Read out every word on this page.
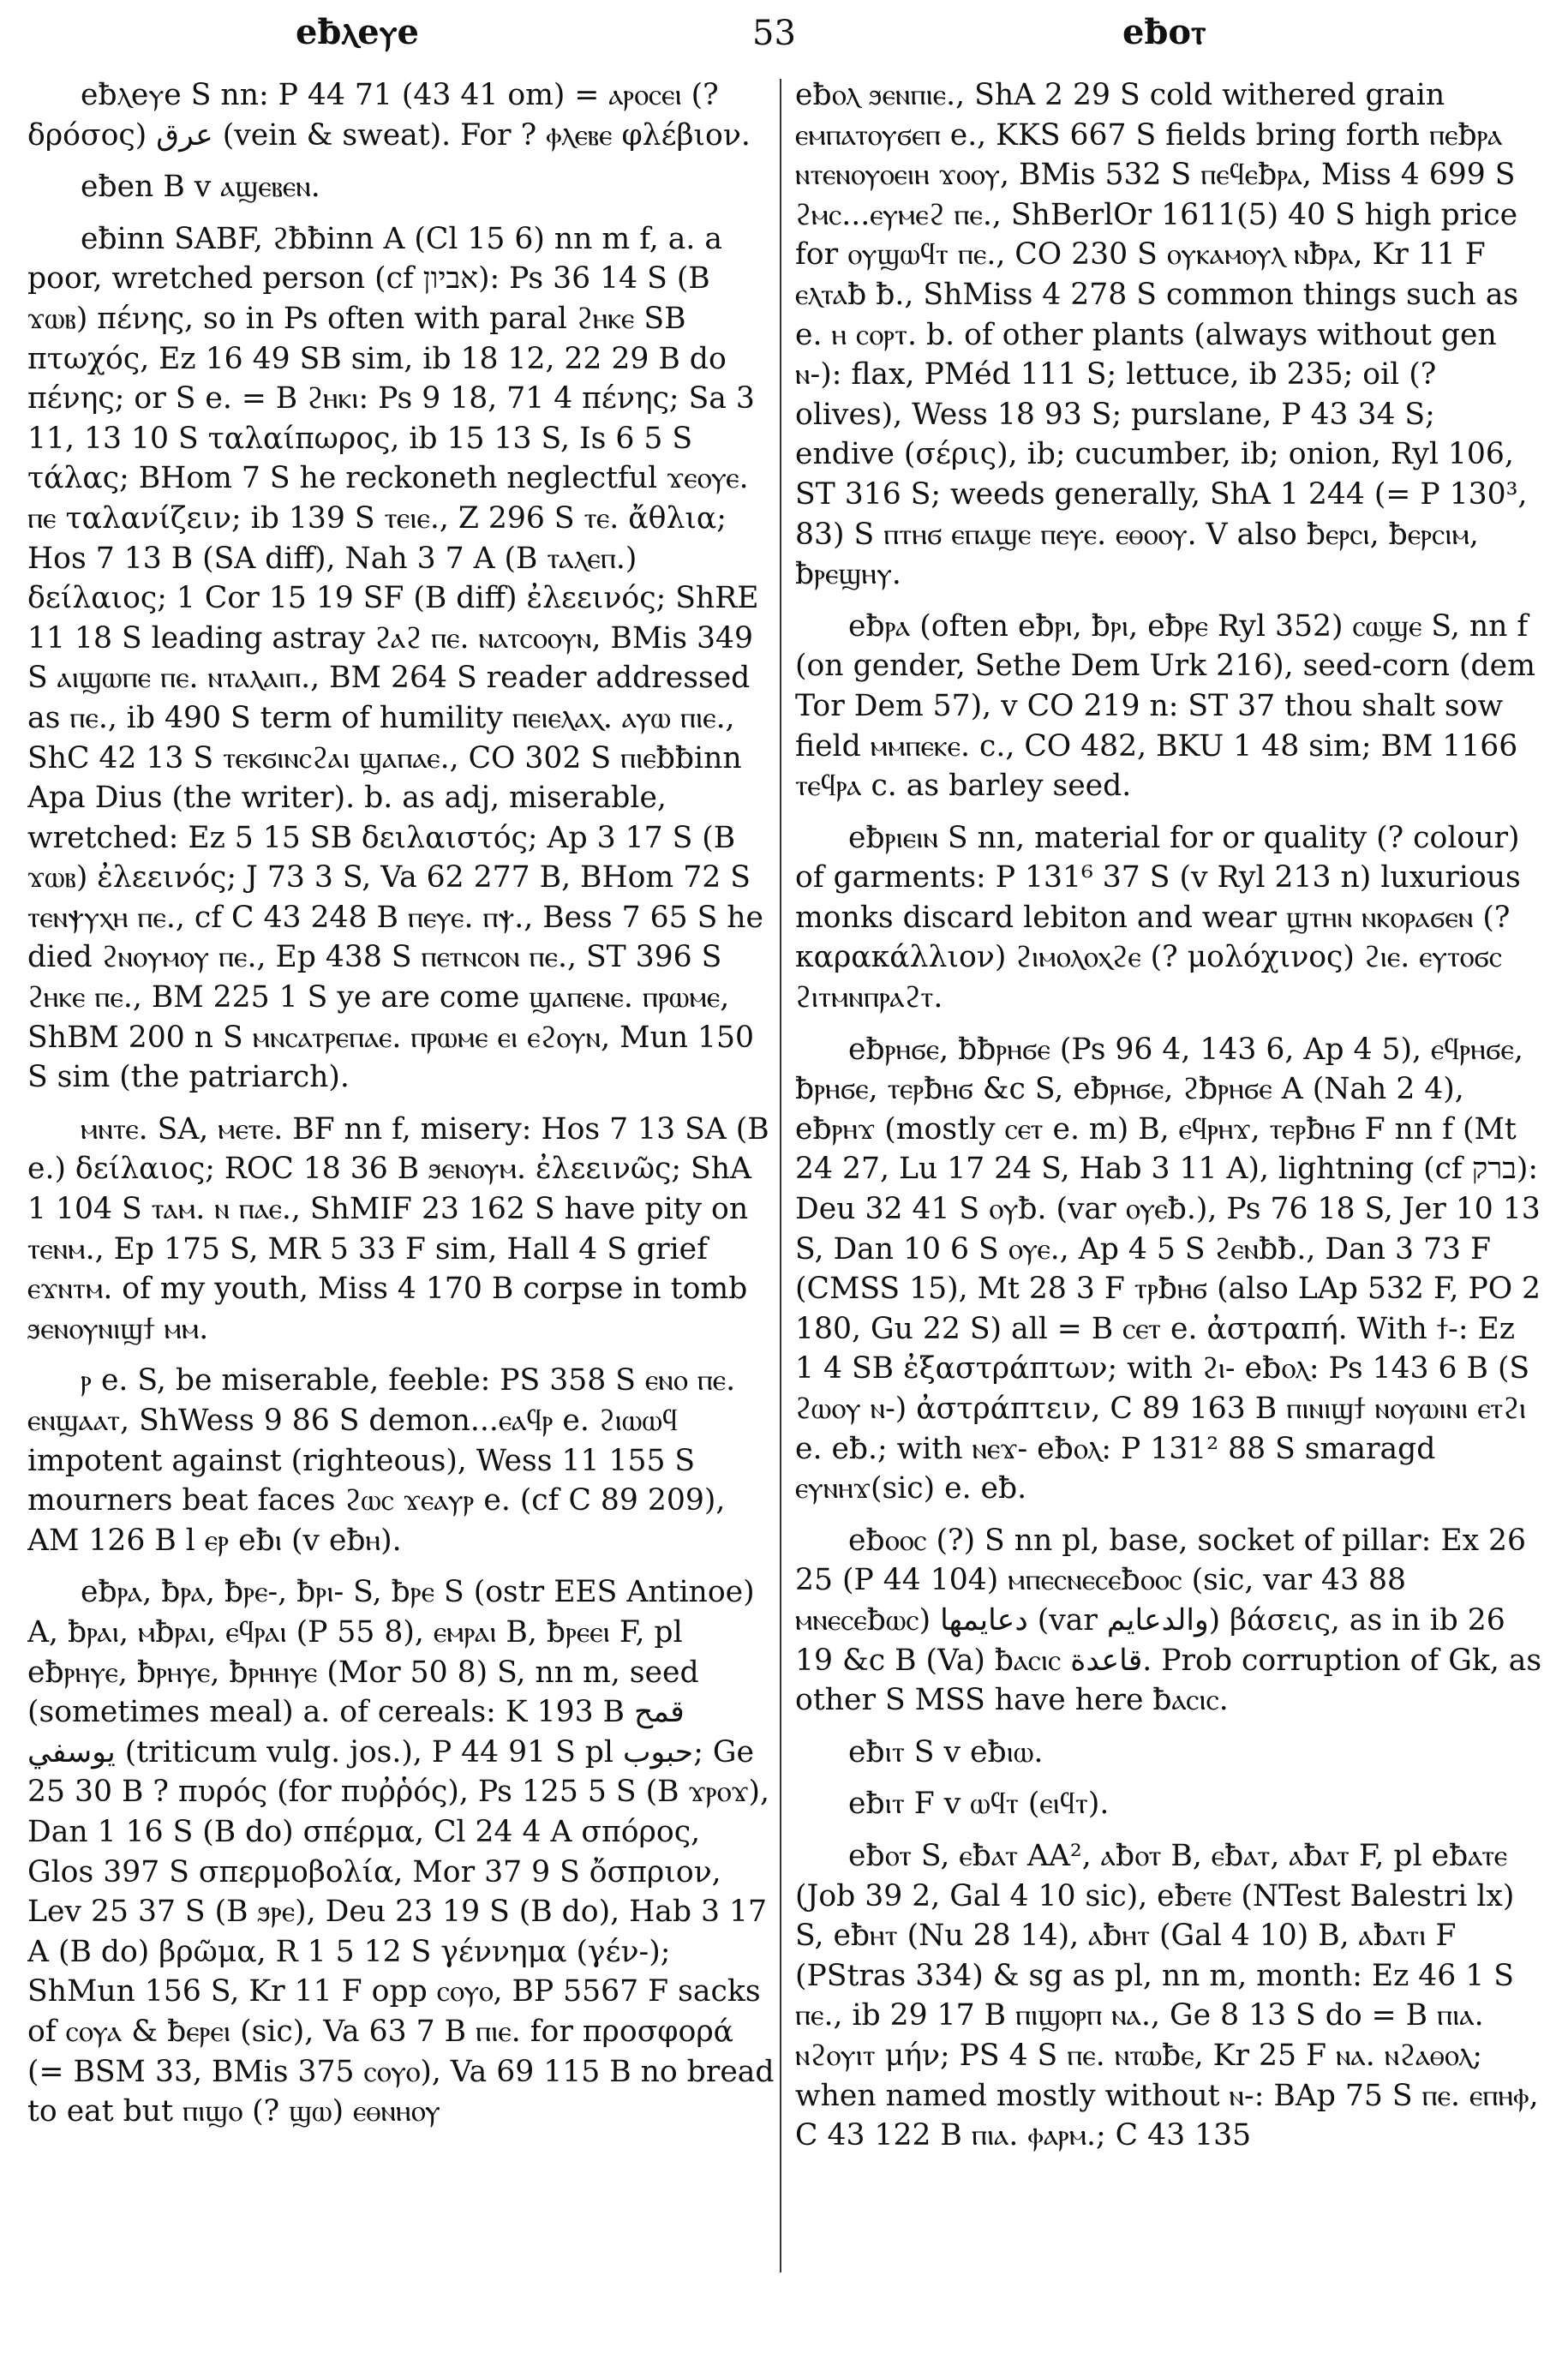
eƀⲗeⲩe	53	eƀoⲧ

eƀⲗeⲩe S nn: P 44 71 (43 41 om) = ⲁⲣⲟⲥⲉⲓ (? δρόσος) عرق (vein & sweat). For ? ⲫⲗⲉⲃⲉ φλέβιον.

eƀen B v ⲁϣⲉⲃⲉⲛ.

eƀinn SABF, ϩƀƀinn A (Cl 15 6) nn m f, a. a poor, wretched person (cf אביון): Ps 36 14 S (B ϫⲱⲃ) πένης, so in Ps often with paral ϩⲏⲕⲉ SB πτωχός, Ez 16 49 SB sim, ib 18 12, 22 29 B do πένης; or S e. = B ϩⲏⲕⲓ: Ps 9 18, 71 4 πένης; Sa 3 11, 13 10 S ταλαίπωρος, ib 15 13 S, Is 6 5 S τάλας; BHom 7 S he reckoneth neglectful ϫⲉⲟⲩⲉ. ⲡⲉ ταλανίζειν; ib 139 S ⲧⲉⲓⲉ., Z 296 S ⲧⲉ. ἄθλια; Hos 7 13 B (SA diff), Nah 3 7 A (B ⲧⲁⲗⲉⲡ.) δείλαιος; 1 Cor 15 19 SF (B diff) ἐλεεινός; ShRE 11 18 S leading astray ϩⲁϩ ⲡⲉ. ⲛⲁⲧⲥⲟⲟⲩⲛ, BMis 349 S ⲁⲓϣⲱⲡⲉ ⲡⲉ. ⲛⲧⲁⲗⲁⲓⲡ., BM 264 S reader addressed as ⲡⲉ., ib 490 S term of humility ⲡⲉⲓⲉⲗⲁⲭ. ⲁⲩⲱ ⲡⲓⲉ., ShC 42 13 S ⲧⲉⲕϭⲓⲛⲥϩⲁⲓ ϣⲁⲡⲁⲉ., CO 302 S ⲡⲓⲉƀƀinn Apa Dius (the writer). b. as adj, miserable, wretched: Ez 5 15 SB δειλαιστός; Ap 3 17 S (B ϫⲱⲃ) ἐλεεινός; J 73 3 S, Va 62 277 B, BHom 72 S ⲧⲉⲛⲯⲩⲭⲏ ⲡⲉ., cf C 43 248 B ⲡⲉⲩⲉ. ⲡⲯ., Bess 7 65 S he died ϩⲛⲟⲩⲙⲟⲩ ⲡⲉ., Ep 438 S ⲡⲉⲧⲛⲥⲟⲛ ⲡⲉ., ST 396 S ϩⲏⲕⲉ ⲡⲉ., BM 225 1 S ye are come ϣⲁⲡⲉⲛⲉ. ⲡⲣⲱⲙⲉ, ShBM 200 n S ⲙⲛⲥⲁⲧⲣⲉⲡⲁⲉ. ⲡⲣⲱⲙⲉ ⲉⲓ ⲉϩⲟⲩⲛ, Mun 150 S sim (the patriarch).

ⲙⲛⲧⲉ. SA, ⲙⲉⲧⲉ. BF nn f, misery: Hos 7 13 SA (B e.) δείλαιος; ROC 18 36 B ϧⲉⲛⲟⲩⲙ. ἐλεεινῶς; ShA 1 104 S ⲧⲁⲙ. ⲛ ⲡⲁⲉ., ShMIF 23 162 S have pity on ⲧⲉⲛⲙ., Ep 175 S, MR 5 33 F sim, Hall 4 S grief ⲉϫⲛⲧⲙ. of my youth, Miss 4 170 B corpse in tomb ϧⲉⲛⲟⲩⲛⲓϣϯ ⲙⲙ.

ⲣ e. S, be miserable, feeble: PS 358 S ⲉⲛⲟ ⲡⲉ. ⲉⲛϣⲁⲁⲧ, ShWess 9 86 S demon...ⲉⲁϥⲣ e. ϩⲓⲱⲱϥ impotent against (righteous), Wess 11 155 S mourners beat faces ϩⲱⲥ ϫⲉⲁⲩⲣ e. (cf C 89 209), AM 126 B l ⲉⲣ eƀⲓ (v eƀⲏ).

eƀⲣⲁ, ƀⲣⲁ, ƀⲣⲉ-, ƀⲣⲓ- S, ƀⲣⲉ S (ostr EES Antinoe) A, ƀⲣⲁⲓ, ⲙƀⲣⲁⲓ, ⲉϥⲣⲁⲓ (P 55 8), ⲉⲙⲣⲁⲓ B, ƀⲣⲉⲉⲓ F, pl eƀⲣⲏⲩⲉ, ƀⲣⲏⲩⲉ, ƀⲣⲏⲏⲩⲉ (Mor 50 8) S, nn m, seed (sometimes meal) a. of cereals: K 193 B قمح يوسفي (triticum vulg. jos.), P 44 91 S pl حبوب; Ge 25 30 B ? πυρός (for πυῤῥός), Ps 125 5 S (B ϫⲣⲟϫ), Dan 1 16 S (B do) σπέρμα, Cl 24 4 A σπόρος, Glos 397 S σπερμοβολία, Mor 37 9 S ὄσπριον, Lev 25 37 S (B ϧⲣⲉ), Deu 23 19 S (B do), Hab 3 17 A (B do) βρῶμα, R 1 5 12 S γέννημα (γέν-); ShMun 156 S, Kr 11 F opp ⲥⲟⲩⲟ, BP 5567 F sacks of ⲥⲟⲩⲁ & ƀⲉⲣⲉⲓ (sic), Va 63 7 B ⲡⲓⲉ. for προσφορά (= BSM 33, BMis 375 ⲥⲟⲩⲟ), Va 69 115 B no bread to eat but ⲡⲓϣⲟ (? ϣⲱ) ⲉⲑⲛⲏⲟⲩ

eƀⲟⲗ ϧⲉⲛⲡⲓⲉ., ShA 2 29 S cold withered grain ⲉⲙⲡⲁⲧⲟⲩϭⲉⲡ e., KKS 667 S fields bring forth ⲡⲉƀⲣⲁ ⲛⲧⲉⲛⲟⲩⲟⲉⲓⲏ ϫⲟⲟⲩ, BMis 532 S ⲡⲉϥⲉƀⲣⲁ, Miss 4 699 S ϩⲙⲥ...ⲉⲩⲙⲉϩ ⲡⲉ., ShBerlOr 1611(5) 40 S high price for ⲟⲩϣⲱϥⲧ ⲡⲉ., CO 230 S ⲟⲩⲕⲁⲙⲟⲩⲗ ⲛƀⲣⲁ, Kr 11 F ⲉⲗⲧⲁƀ ƀ., ShMiss 4 278 S common things such as e. ⲏ ⲥⲟⲣⲧ. b. of other plants (always without gen ⲛ-): flax, PMéd 111 S; lettuce, ib 235; oil (? olives), Wess 18 93 S; purslane, P 43 34 S; endive (σέρις), ib; cucumber, ib; onion, Ryl 106, ST 316 S; weeds generally, ShA 1 244 (= P 130³, 83) S ⲡⲧⲏϭ ⲉⲡⲁϣⲉ ⲡⲉⲩⲉ. ⲉⲑⲟⲟⲩ. V also ƀⲉⲣⲥⲓ, ƀⲉⲣⲥⲓⲙ, ƀⲣⲉϣⲏⲩ.

eƀⲣⲁ (often eƀⲣⲓ, ƀⲣⲓ, eƀⲣⲉ Ryl 352) ⲥⲱϣⲉ S, nn f (on gender, Sethe Dem Urk 216), seed-corn (dem Tor Dem 57), v CO 219 n: ST 37 thou shalt sow field ⲙⲙⲡⲉⲕⲉ. c., CO 482, BKU 1 48 sim; BM 1166 ⲧⲉϥⲣⲁ c. as barley seed.

eƀⲣⲓⲉⲓⲛ S nn, material for or quality (? colour) of garments: P 131⁶ 37 S (v Ryl 213 n) luxurious monks discard lebiton and wear ϣⲧⲏⲛ ⲛⲕⲟⲣⲁϭⲉⲛ (? καρακάλλιον) ϩⲓⲙⲟⲗⲟⲭϩⲉ (? μολόχινος) ϩⲓⲉ. ⲉⲩⲧⲟϭⲥ ϩⲓⲧⲙⲛⲡⲣⲁϩⲧ.

eƀⲣⲏϭⲉ, ƀƀⲣⲏϭⲉ (Ps 96 4, 143 6, Ap 4 5), ⲉϥⲣⲏϭⲉ, ƀⲣⲏϭⲉ, ⲧⲉⲣƀⲏϭ &c S, eƀⲣⲏϭⲉ, ϩƀⲣⲏϭⲉ A (Nah 2 4), eƀⲣⲏϫ (mostly ⲥⲉⲧ e. m) B, ⲉϥⲣⲏϫ, ⲧⲉⲣƀⲏϭ F nn f (Mt 24 27, Lu 17 24 S, Hab 3 11 A), lightning (cf ברק): Deu 32 41 S ⲟⲩƀ. (var ⲟⲩⲉƀ.), Ps 76 18 S, Jer 10 13 S, Dan 10 6 S ⲟⲩⲉ., Ap 4 5 S ϩⲉⲛƀƀ., Dan 3 73 F (CMSS 15), Mt 28 3 F ⲧⲣƀⲏϭ (also LAp 532 F, PO 2 180, Gu 22 S) all = B ⲥⲉⲧ e. ἀστραπή. With ϯ-: Ez 1 4 SB ἐξαστράπτων; with ϩⲓ- eƀⲟⲗ: Ps 143 6 B (S ϩⲱⲟⲩ ⲛ-) ἀστράπτειν, C 89 163 B ⲡⲓⲛⲓϣϯ ⲛⲟⲩⲱⲓⲛⲓ ⲉⲧϩⲓ e. eƀ.; with ⲛⲉϫ- eƀⲟⲗ: P 131² 88 S smaragd ⲉⲩⲛⲏϫ(sic) e. eƀ.

eƀⲟⲟⲥ (?) S nn pl, base, socket of pillar: Ex 26 25 (P 44 104) ⲙⲡⲉⲥⲛⲉⲥⲉƀⲟⲟⲥ (sic, var 43 88 ⲙⲛⲉⲥⲉƀⲱⲥ) دعايمها (var والدعايم) βάσεις, as in ib 26 19 &c B (Va) ƀⲁⲥⲓⲥ قاعدة. Prob corruption of Gk, as other S MSS have here ƀⲁⲥⲓⲥ.

eƀⲓⲧ S v eƀⲓⲱ.

eƀⲓⲧ F v ⲱϥⲧ (ⲉⲓϥⲧ).

eƀⲟⲧ S, ⲉƀⲁⲧ AA², ⲁƀⲟⲧ B, ⲉƀⲁⲧ, ⲁƀⲁⲧ F, pl eƀⲁⲧⲉ (Job 39 2, Gal 4 10 sic), eƀⲉⲧⲉ (NTest Balestri lx) S, eƀⲏⲧ (Nu 28 14), ⲁƀⲏⲧ (Gal 4 10) B, ⲁƀⲁⲧⲓ F (PStras 334) & sg as pl, nn m, month: Ez 46 1 S ⲡⲉ., ib 29 17 B ⲡⲓϣⲟⲣⲡ ⲛⲁ., Ge 8 13 S do = B ⲡⲓⲁ. ⲛϩⲟⲩⲓⲧ μήν; PS 4 S ⲡⲉ. ⲛⲧⲱƀⲉ, Kr 25 F ⲛⲁ. ⲛϩⲁⲑⲟⲗ; when named mostly without ⲛ-: BAp 75 S ⲡⲉ. ⲉⲡⲏⲫ, C 43 122 B ⲡⲓⲁ. ⲫⲁⲣⲙ.; C 43 135
